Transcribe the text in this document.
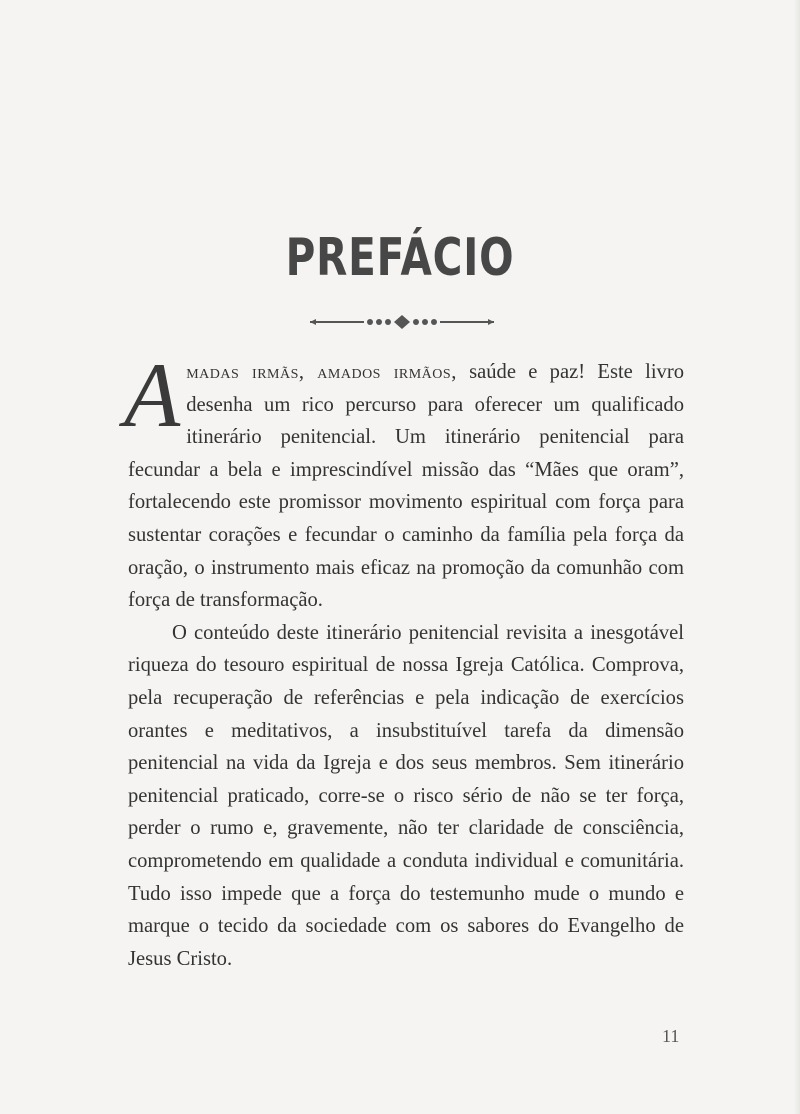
PREFÁCIO

A madas irmãs, amados irmãos, saúde e paz! Este livro desenha um rico percurso para oferecer um qualificado itinerário penitencial. Um itinerário penitencial para fecundar a bela e imprescindível missão das “Mães que oram”, fortalecendo este promissor movimento espiritual com força para sustentar corações e fecundar o caminho da família pela força da oração, o instrumento mais eficaz na promoção da comunhão com força de transformação.

O conteúdo deste itinerário penitencial revisita a inesgotável riqueza do tesouro espiritual de nossa Igreja Católica. Comprova, pela recuperação de referências e pela indicação de exercícios orantes e meditativos, a insubstituível tarefa da dimensão penitencial na vida da Igreja e dos seus membros. Sem itinerário penitencial praticado, corre-se o risco sério de não se ter força, perder o rumo e, gravemente, não ter claridade de consciência, comprometendo em qualidade a conduta individual e comunitária. Tudo isso impede que a força do testemunho mude o mundo e marque o tecido da sociedade com os sabores do Evangelho de Jesus Cristo.

11
